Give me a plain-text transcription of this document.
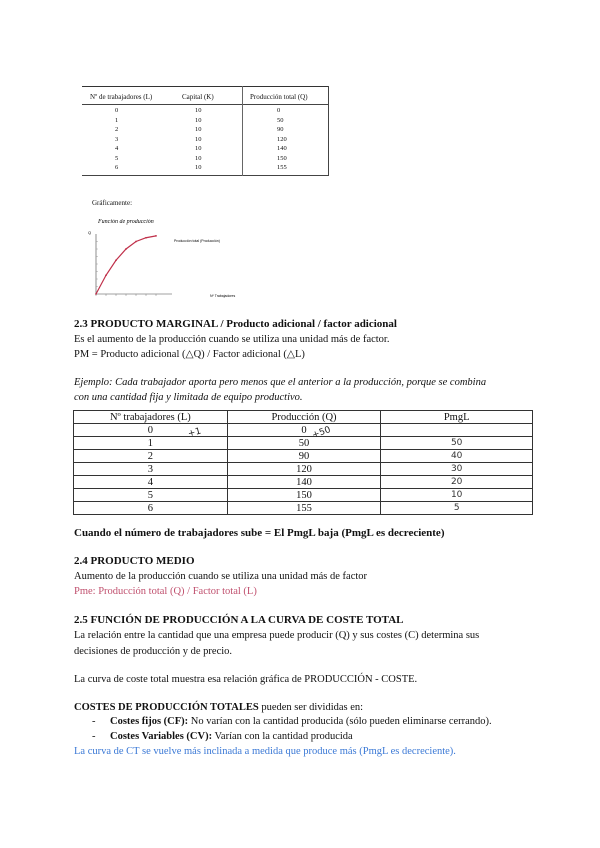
Nº de trabajadores (L)	Capital (K)	Producción total (Q)
0	10	0
1	10	50
2	10	90
3	10	120
4	10	140
5	10	150
6	10	155
Gráficamente:
Función de producción
Q
Producción total (Producción)
Nº Trabajadores
2.3 PRODUCTO MARGINAL / Producto adicional / factor adicional
Es el aumento de la producción cuando se utiliza una unidad más de factor.
PM = Producto adicional (△Q) / Factor adicional (△L)
Ejemplo: Cada trabajador aporta pero menos que el anterior a la producción, porque se combina
con una cantidad fija y limitada de equipo productivo.
Nº trabajadores (L)	Producción (Q)	PmgL
0	0	
1	50	50
2	90	40
3	120	30
4	140	20
5	150	10
6	155	5
+1	+50
Cuando el número de trabajadores sube = El PmgL baja (PmgL es decreciente)
2.4 PRODUCTO MEDIO
Aumento de la producción cuando se utiliza una unidad más de factor
Pme: Producción total (Q) / Factor total (L)
2.5 FUNCIÓN DE PRODUCCIÓN A LA CURVA DE COSTE TOTAL
La relación entre la cantidad que una empresa puede producir (Q) y sus costes (C) determina sus
decisiones de producción y de precio.
La curva de coste total muestra esa relación gráfica de PRODUCCIÓN - COSTE.
COSTES DE PRODUCCIÓN TOTALES pueden ser divididas en:
- Costes fijos (CF): No varían con la cantidad producida (sólo pueden eliminarse cerrando).
- Costes Variables (CV): Varían con la cantidad producida
La curva de CT se vuelve más inclinada a medida que produce más (PmgL es decreciente).
